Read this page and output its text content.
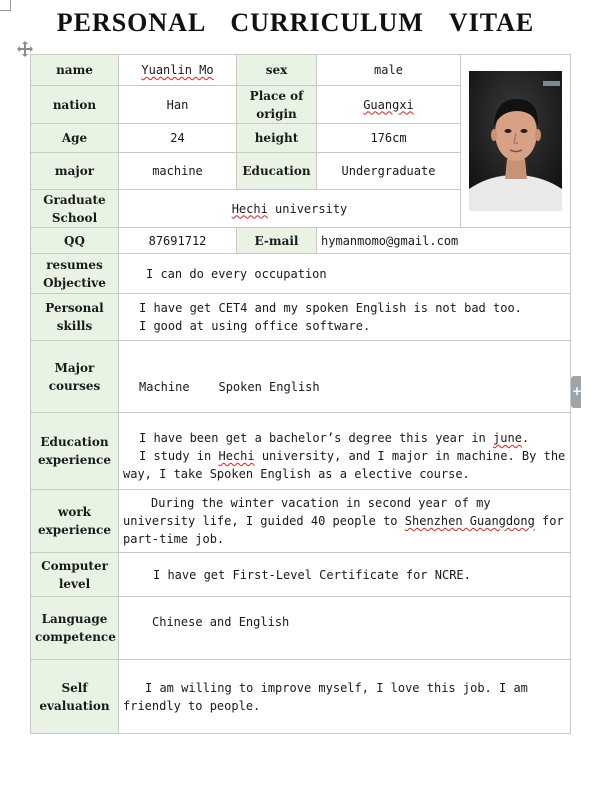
PERSONAL CURRICULUM VITAE
name	Yuanlin Mo	sex	male	

nation	Han	Place of origin	Guangxi	
Age	24	height	176cm	
major	machine	Education	Undergraduate	
Graduate School	Hechi university			
QQ	87691712	E-mail	hymanmomo@gmail.com	
resumes Objective	I can do every occupation			
Personal skills	I have get CET4 and my spoken English is not bad too.
I good at using office software.			

Major courses	Machine    Spoken English			
Education experience	I have been get a bachelor’s degree this year in june.
I study in Hechi university, and I major in machine. By the way, I take Spoken English as a elective course.			

work experience	During the winter vacation in second year of my university life, I guided 40 people to Shenzhen Guangdong for part-time job.			
Computer level	I have get First-Level Certificate for NCRE.			
Language competence	Chinese and English			
Self evaluation	I am willing to improve myself, I love this job. I am friendly to people.			
+
